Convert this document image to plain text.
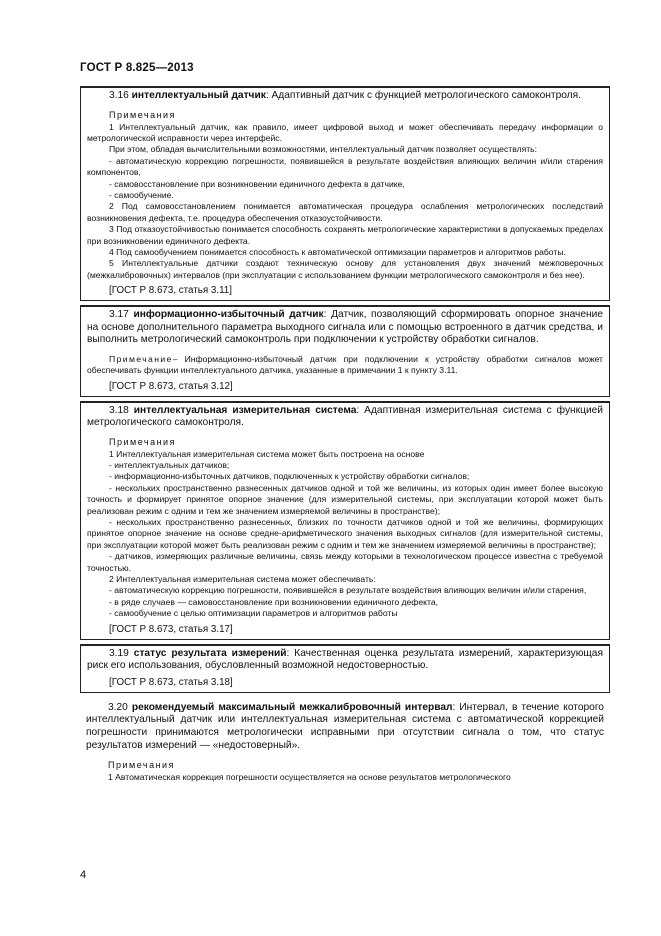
ГОСТ Р 8.825—2013

3.16 интеллектуальный датчик: Адаптивный датчик с функцией метрологического самоконтроля.

Примечания

1 Интеллектуальный датчик, как правило, имеет цифровой выход и может обеспечивать передачу информации о метрологической исправности через интерфейс.

При этом, обладая вычислительными возможностями, интеллектуальный датчик позволяет осуществлять:

- автоматическую коррекцию погрешности, появившейся в результате воздействия влияющих величин и/или старения компонентов,

- самовосстановление при возникновении единичного дефекта в датчике,

- самообучение.

2 Под самовосстановлением понимается автоматическая процедура ослабления метрологических последствий возникновения дефекта, т.е. процедура обеспечения отказоустойчивости.

3 Под отказоустойчивостью понимается способность сохранять метрологические характеристики в допускаемых пределах при возникновении единичного дефекта.

4 Под самообучением понимается способность к автоматической оптимизации параметров и алгоритмов работы.

5 Интеллектуальные датчики создают техническую основу для установления двух значений межповерочных (межкалибровочных) интервалов (при эксплуатации с использованием функции метрологического самоконтроля и без нее).

[ГОСТ Р 8.673, статья 3.11]

3.17 информационно-избыточный датчик: Датчик, позволяющий сформировать опорное значение на основе дополнительного параметра выходного сигнала или с помощью встроенного в датчик средства, и выполнить метрологический самоконтроль при подключении к устройству обработки сигналов.

Примечание– Информационно-избыточный датчик при подключении к устройству обработки сигналов может обеспечивать функции интеллектуального датчика, указанные в примечании 1 к пункту 3.11.

[ГОСТ Р 8.673, статья 3.12]

3.18 интеллектуальная измерительная система: Адаптивная измерительная система с функцией метрологического самоконтроля.

Примечания

1 Интеллектуальная измерительная система может быть построена на основе

- интеллектуальных датчиков;

- информационно-избыточных датчиков, подключенных к устройству обработки сигналов;

- нескольких пространственно разнесенных датчиков одной и той же величины, из которых один имеет более высокую точность и формирует принятое опорное значение (для измерительной системы, при эксплуатации которой может быть реализован режим с одним и тем же значением измеряемой величины в пространстве);

- нескольких пространственно разнесенных, близких по точности датчиков одной и той же величины, формирующих принятое опорное значение на основе средне-арифметического значения выходных сигналов (для измерительной системы, при эксплуатации которой может быть реализован режим с одним и тем же значением измеряемой величины в пространстве);

- датчиков, измеряющих различные величины, связь между которыми в технологическом процессе известна с требуемой точностью.

2 Интеллектуальная измерительная система может обеспечивать:

- автоматическую коррекцию погрешности, появившейся в результате воздействия влияющих величин и/или старения,

- в ряде случаев — самовосстановление при возникновении единичного дефекта,

- самообучение с целью оптимизации параметров и алгоритмов работы

[ГОСТ Р 8.673, статья 3.17]

3.19 статус результата измерений: Качественная оценка результата измерений, характеризующая риск его использования, обусловленный возможной недостоверностью.

[ГОСТ Р 8.673, статья 3.18]

3.20 рекомендуемый максимальный межкалибровочный интервал: Интервал, в течение которого интеллектуальный датчик или интеллектуальная измерительная система с автоматической коррекцией погрешности принимаются метрологически исправными при отсутствии сигнала о том, что статус результатов измерений — «недостоверный».

Примечания

1 Автоматическая коррекция погрешности осуществляется на основе результатов метрологического

4
